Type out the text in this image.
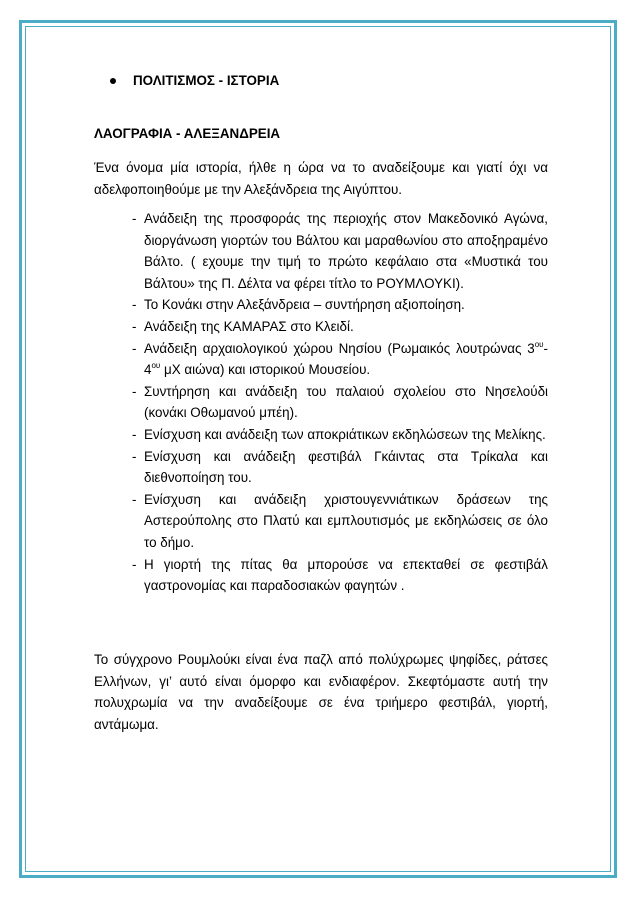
ΠΟΛΙΤΙΣΜΟΣ - ΙΣΤΟΡΙΑ
ΛΑΟΓΡΑΦΙΑ - ΑΛΕΞΑΝΔΡΕΙΑ
Ένα όνομα μία ιστορία, ήλθε η ώρα να το αναδείξουμε και γιατί όχι να αδελφοποιηθούμε με την Αλεξάνδρεια της Αιγύπτου.
- Ανάδειξη της προσφοράς της περιοχής στον Μακεδονικό Αγώνα, διοργάνωση γιορτών του Βάλτου και μαραθωνίου στο αποξηραμένο Βάλτο. ( εχουμε την τιμή το πρώτο κεφάλαιο στα «Μυστικά του Βάλτου» της Π. Δέλτα να φέρει τίτλο το ΡΟΥΜΛΟΥΚΙ).
- Το Κονάκι στην Αλεξάνδρεια – συντήρηση αξιοποίηση.
- Ανάδειξη της ΚΑΜΑΡΑΣ στο Κλειδί.
- Ανάδειξη αρχαιολογικού χώρου Νησίου (Ρωμαικός λουτρώνας $3^{o\upsilon}-$ $4^{o\upsilon}$ μΧ αιώνα) και ιστορικού Μουσείου.
- Συντήρηση και ανάδειξη του παλαιού σχολείου στο Νησελούδι (κονάκι Οθωμανού μπέη).
- Ενίσχυση και ανάδειξη των αποκριάτικων εκδηλώσεων της Μελίκης.
- Ενίσχυση και ανάδειξη φεστιβάλ Γκάιντας στα Τρίκαλα και διεθνοποίηση του.
- Ενίσχυση και ανάδειξη χριστουγεννιάτικων δράσεων της Αστερούπολης στο Πλατύ και εμπλουτισμός με εκδηλώσεις σε όλο το δήμο.
- Η γιορτή της πίτας θα μπορούσε να επεκταθεί σε φεστιβάλ γαστρονομίας και παραδοσιακών φαγητών .
Το σύγχρονο Ρουμλούκι είναι ένα παζλ από πολύχρωμες ψηφίδες, ράτσες Ελλήνων, γι’ αυτό είναι όμορφο και ενδιαφέρον. Σκεφτόμαστε αυτή την πολυχρωμία να την αναδείξουμε σε ένα τριήμερο φεστιβάλ, γιορτή, αντάμωμα.
